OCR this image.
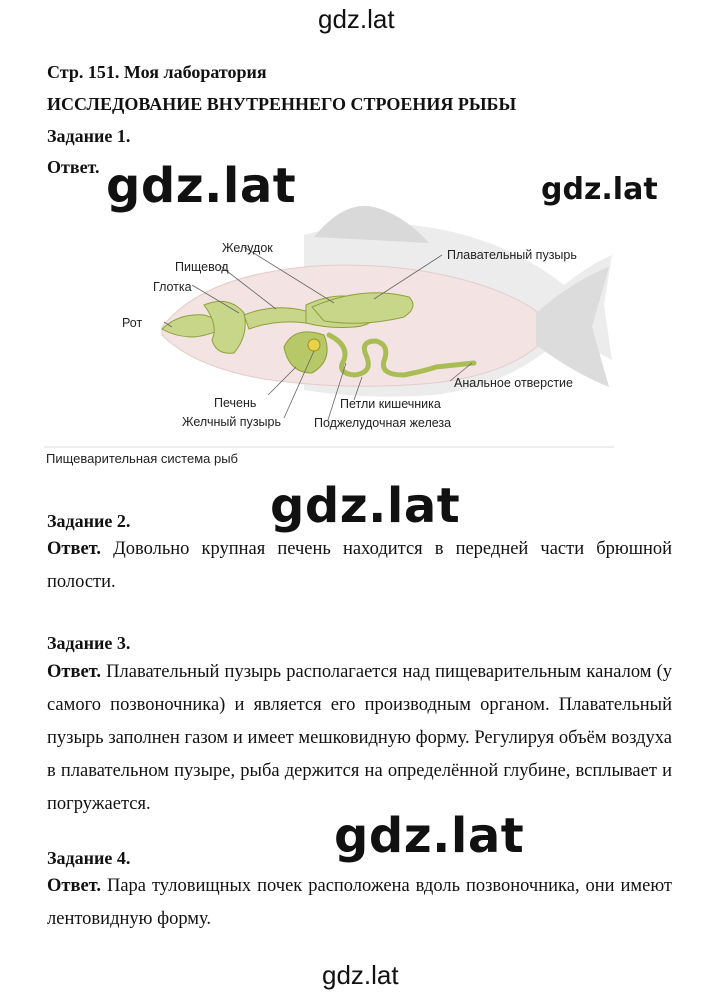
gdz.lat
gdz.lat	gdz.lat
Стр. 151. Моя лаборатория
ИССЛЕДОВАНИЕ ВНУТРЕННЕГО СТРОЕНИЯ РЫБЫ
Задание 1.
Ответ.
Желудок
Пищевод
Глотка
Рот
Плавательный пузырь
Анальное отверстие
Печень
Желчный пузырь
Петли кишечника
Поджелудочная железа
Пищеварительная система рыб
gdz.lat
Задание 2.
Ответ. Довольно крупная печень находится в передней части брюшной полости.
Задание 3.
Ответ. Плавательный пузырь располагается над пищеварительным каналом (у самого позвоночника) и является его производным органом. Плавательный пузырь заполнен газом и имеет мешковидную форму. Регулируя объём воздуха в плавательном пузыре, рыба держится на определённой глубине, всплывает и погружается.
gdz.lat
Задание 4.
Ответ. Пара туловищных почек расположена вдоль позвоночника, они имеют лентовидную форму.
gdz.lat
